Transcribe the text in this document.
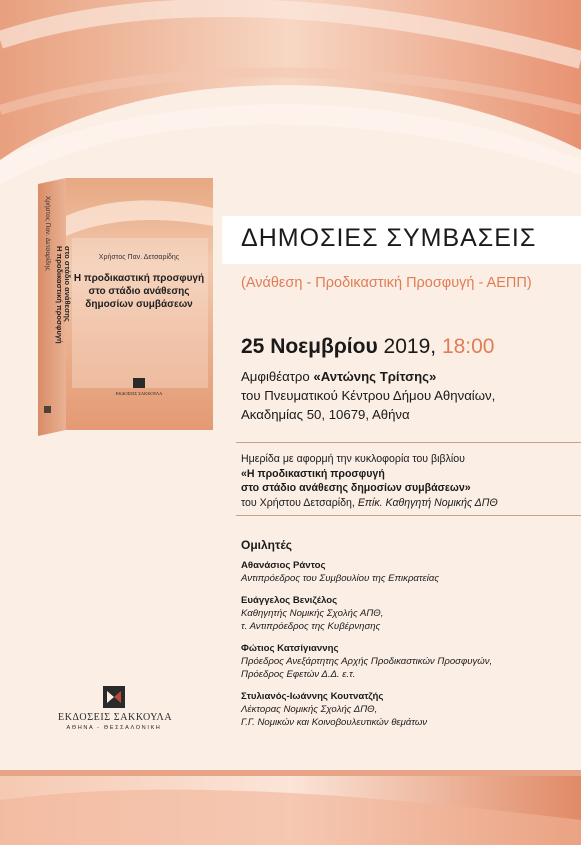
Χρήστος Παν. Δετσαρίδης
Η προδικαστική προσφυγή στο στάδιο ανάθεσης	Χρήστος Παν. Δετσαρίδης
Η προδικαστική προσφυγή
στο στάδιο ανάθεσης
δημοσίων συμβάσεων
ΕΚΔΟΣΕΙΣ ΣΑΚΚΟΥΛΑ
ΔΗΜΟΣΙΕΣ ΣΥΜΒΑΣΕΙΣ

(Ανάθεση - Προδικαστική Προσφυγή - ΑΕΠΠ)

25 Νοεμβρίου 2019, 18:00

Αμφιθέατρο «Αντώνης Τρίτσης»
του Πνευματικού Κέντρου Δήμου Αθηναίων,
Ακαδημίας 50, 10679, Αθήνα
Ημερίδα με αφορμή την κυκλοφορία του βιβλίου
«Η προδικαστική προσφυγή
στο στάδιο ανάθεσης δημοσίων συμβάσεων»
του Χρήστου Δετσαρίδη, Επίκ. Καθηγητή Νομικής ΔΠΘ

Ομιλητές

Αθανάσιος Ράντος
Αντιπρόεδρος του Συμβουλίου της Επικρατείας
Ευάγγελος Βενιζέλος
Καθηγητής Νομικής Σχολής ΑΠΘ,
τ. Αντιπρόεδρος της Κυβέρνησης
Φώτιος Κατσίγιαννης
Πρόεδρος Ανεξάρτητης Αρχής Προδικαστικών Προσφυγών,
Πρόεδρος Εφετών Δ.Δ. ε.τ.
Στυλιανός-Ιωάννης Κουτνατζής
Λέκτορας Νομικής Σχολής ΔΠΘ,
Γ.Γ. Νομικών και Κοινοβουλευτικών θεμάτων
ΕΚΔΟΣΕΙΣ ΣΑΚΚΟΥΛΑ
ΑΘΗΝΑ - ΘΕΣΣΑΛΟΝΙΚΗ
